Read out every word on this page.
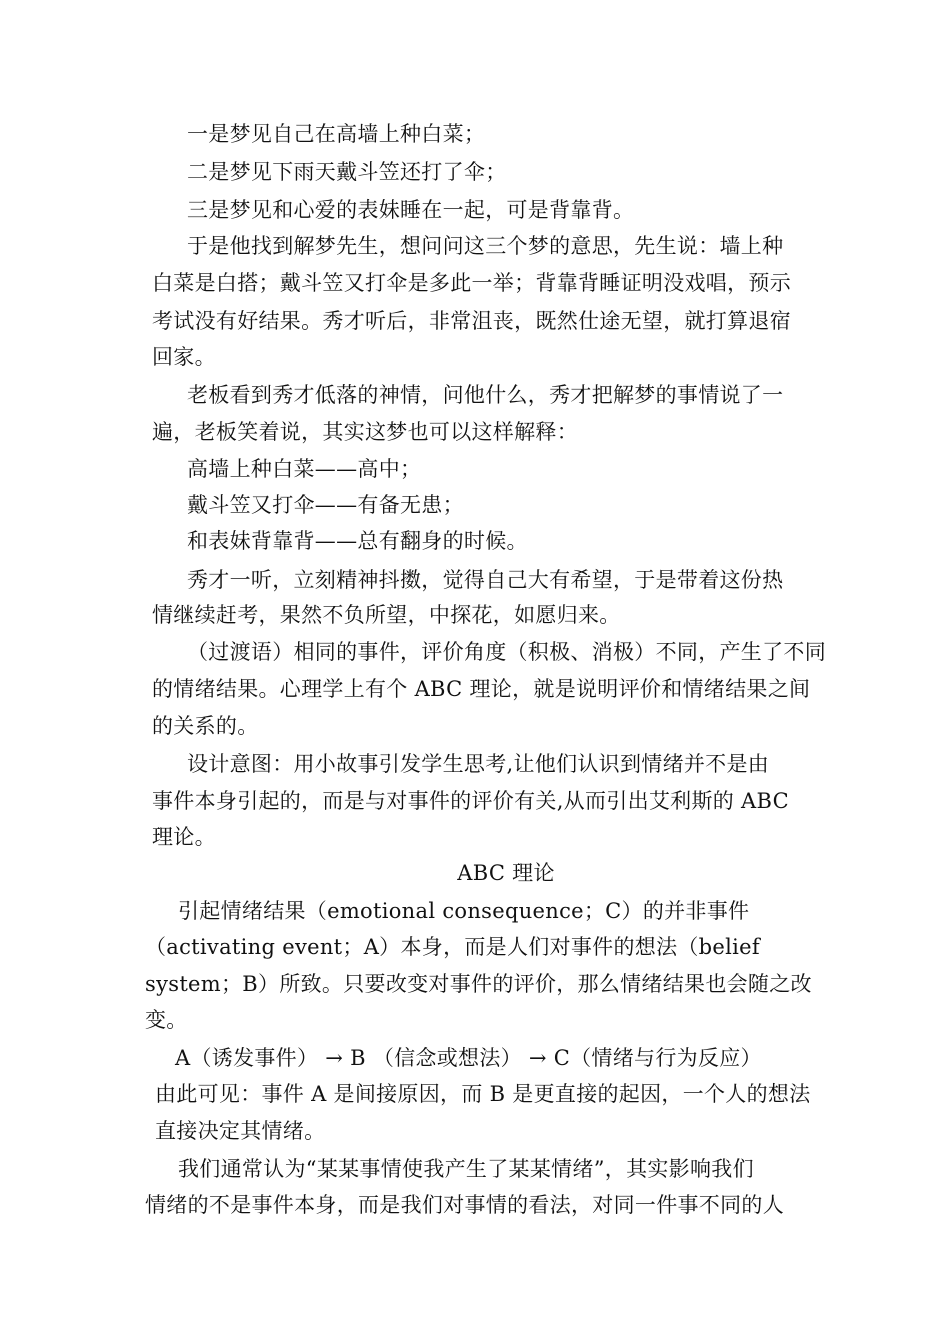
一是梦见自己在高墙上种白菜；
二是梦见下雨天戴斗笠还打了伞；
三是梦见和心爱的表妹睡在一起，可是背靠背。
于是他找到解梦先生，想问问这三个梦的意思，先生说：墙上种
白菜是白搭；戴斗笠又打伞是多此一举；背靠背睡证明没戏唱，预示
考试没有好结果。秀才听后，非常沮丧，既然仕途无望，就打算退宿
回家。
老板看到秀才低落的神情，问他什么，秀才把解梦的事情说了一
遍，老板笑着说，其实这梦也可以这样解释：
高墙上种白菜——高中；
戴斗笠又打伞——有备无患；
和表妹背靠背——总有翻身的时候。
秀才一听，立刻精神抖擞，觉得自己大有希望，于是带着这份热
情继续赶考，果然不负所望，中探花，如愿归来。
（过渡语）相同的事件，评价角度（积极、消极）不同，产生了不同
的情绪结果。心理学上有个 ABC 理论，就是说明评价和情绪结果之间
的关系的。
设计意图：用小故事引发学生思考,让他们认识到情绪并不是由
事件本身引起的，而是与对事件的评价有关,从而引出艾利斯的 ABC
理论。
ABC 理论
引起情绪结果（emotional consequence；C）的并非事件
（activating event；A）本身，而是人们对事件的想法（belief
system；B）所致。只要改变对事件的评价，那么情绪结果也会随之改
变。
A（诱发事件） → B （信念或想法） → C（情绪与行为反应）
由此可见：事件 A 是间接原因，而 B 是更直接的起因，一个人的想法
直接决定其情绪。
我们通常认为“某某事情使我产生了某某情绪”，其实影响我们
情绪的不是事件本身，而是我们对事情的看法，对同一件事不同的人
